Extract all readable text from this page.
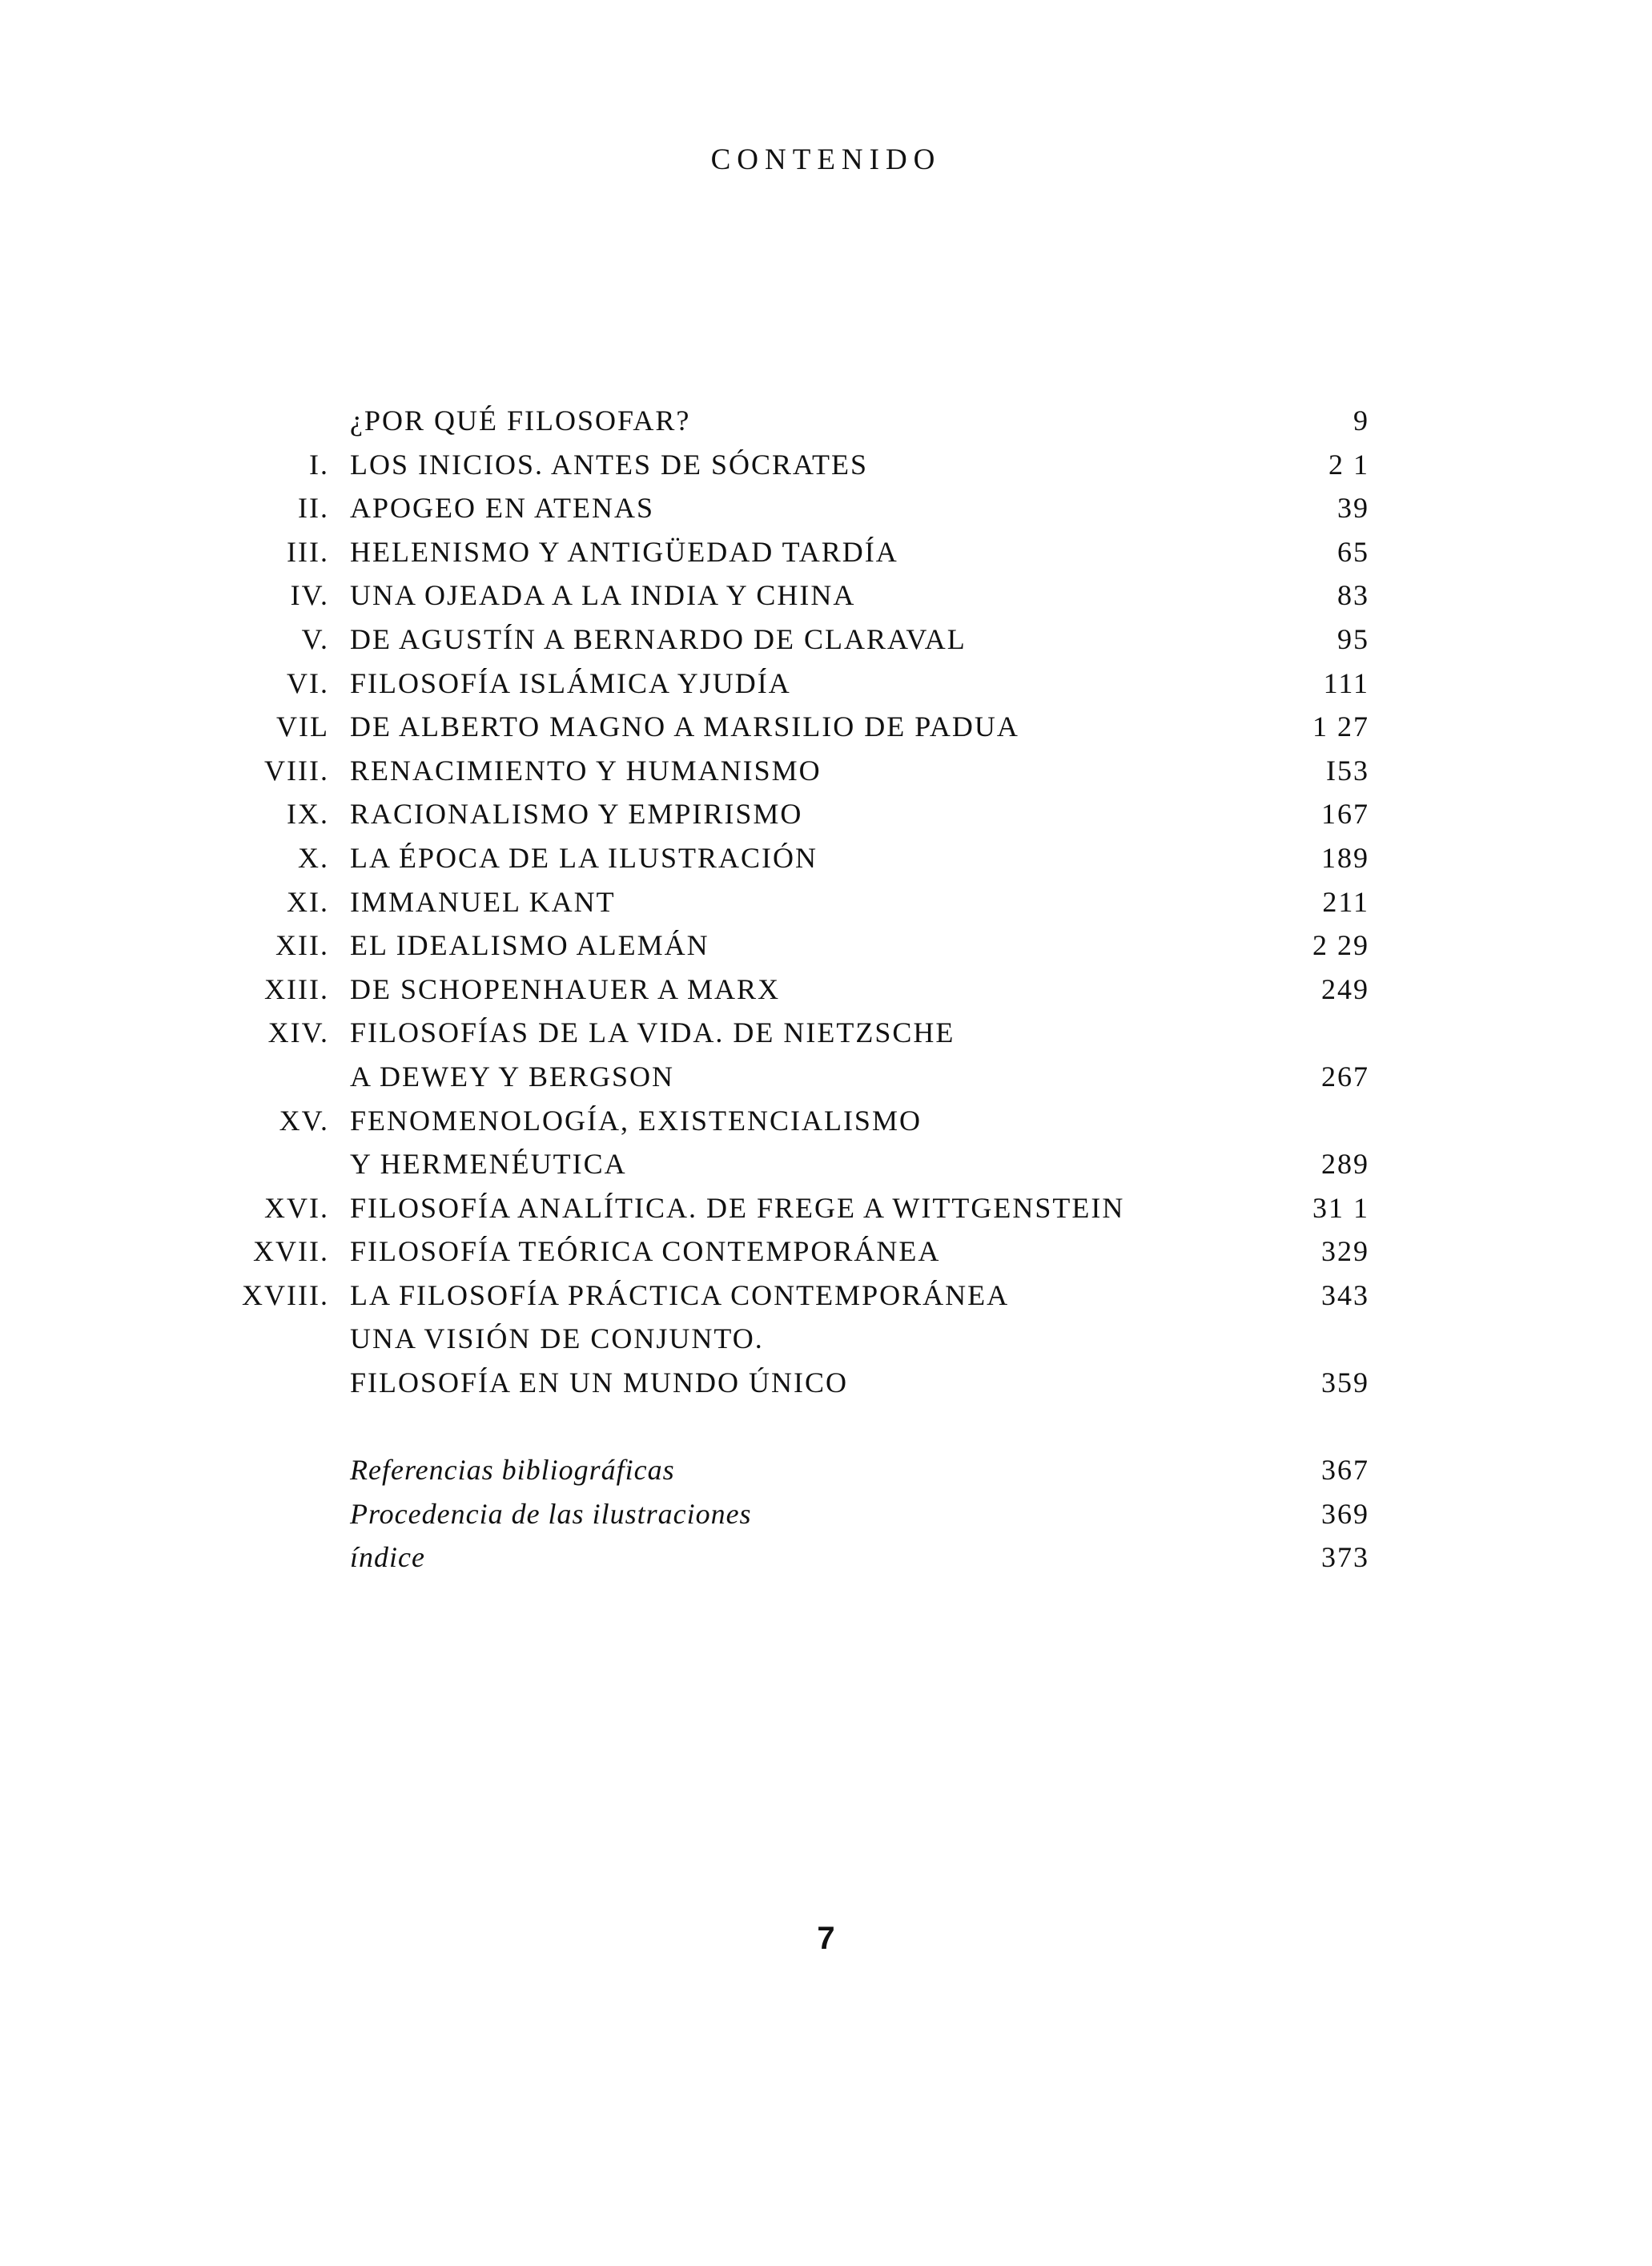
CONTENIDO
¿POR QUÉ FILOSOFAR?	9
I. LOS INICIOS. ANTES DE SÓCRATES	2 1
II. APOGEO EN ATENAS	39
III. HELENISMO Y ANTIGÜEDAD TARDÍA	65
IV. UNA OJEADA A LA INDIA Y CHINA	83
V. DE AGUSTÍN A BERNARDO DE CLARAVAL	95
VI. FILOSOFÍA ISLÁMICA YJUDÍA	111
VIL DE ALBERTO MAGNO A MARSILIO DE PADUA	1 27
VIII. RENACIMIENTO Y HUMANISMO	I53
IX. RACIONALISMO Y EMPIRISMO	167
X. LA ÉPOCA DE LA ILUSTRACIÓN	189
XI. IMMANUEL KANT	211
XII. EL IDEALISMO ALEMÁN	2 29
XIII. DE SCHOPENHAUER A MARX	249
XIV. FILOSOFÍAS DE LA VIDA. DE NIETZSCHE
A DEWEY Y BERGSON	267
XV. FENOMENOLOGÍA, EXISTENCIALISMO
Y HERMENÉUTICA	289
XVI. FILOSOFÍA ANALÍTICA. DE FREGE A WITTGENSTEIN	31 1
XVII. FILOSOFÍA TEÓRICA CONTEMPORÁNEA	329
XVIII. LA FILOSOFÍA PRÁCTICA CONTEMPORÁNEA	343
UNA VISIÓN DE CONJUNTO.
FILOSOFÍA EN UN MUNDO ÚNICO	359
Referencias bibliográficas	367
Procedencia de las ilustraciones	369
índice	373
7
